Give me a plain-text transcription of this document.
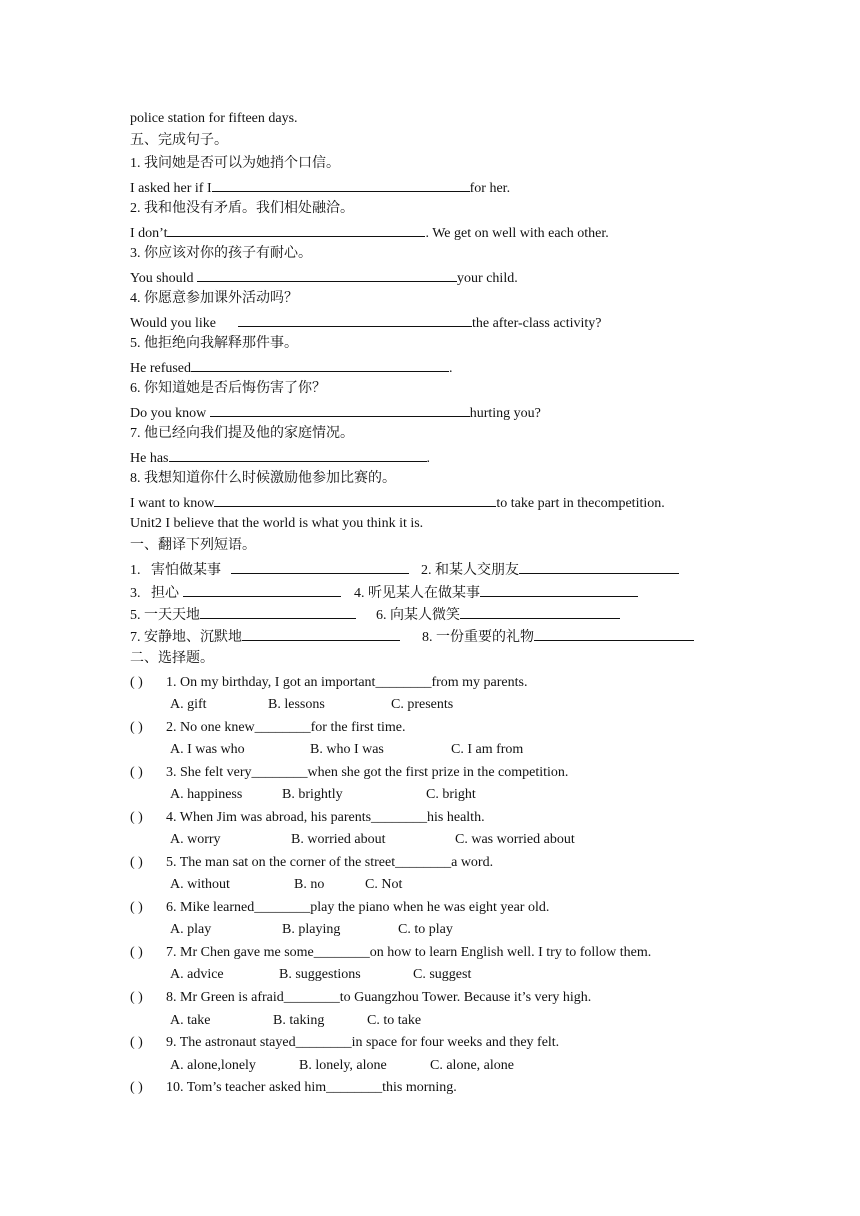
police station for fifteen days.
五、完成句子。
1. 我问她是否可以为她捎个口信。
I asked her if I	for her.
2. 我和他没有矛盾。我们相处融洽。
I don’t	. We get on well with each other.
3. 你应该对你的孩子有耐心。
You should	your child.
4. 你愿意参加课外活动吗？
Would you like	the after-class activity?
5. 他拒绝向我解释那件事。
He refused	.
6. 你知道她是否后悔伤害了你？
Do you know	hurting you?
7. 他已经向我们提及他的家庭情况。
He has	.
8. 我想知道你什么时候激励他参加比赛的。
I want to know	to take part in thecompetition.
Unit2 I believe that the world is what you think it is.
一、翻译下列短语。
1.   害怕做某事	2. 和某人交朋友
3.   担心	4. 听见某人在做某事
5. 一天天地	6. 向某人微笑
7. 安静地、沉默地	8. 一份重要的礼物
二、选择题。
( ) 1. On my birthday, I got an important________from my parents.
A. gift	B. lessons	C. presents
( ) 2. No one knew________for the first time.
A. I was who	B. who I was	C. I am from
( ) 3. She felt very________when she got the first prize in the competition.
A. happiness	B. brightly	C. bright
( ) 4. When Jim was abroad, his parents________his health.
A. worry	B. worried about	C. was worried about
( ) 5. The man sat on the corner of the street________a word.
A. without	B. no	C. Not
( ) 6. Mike learned________play the piano when he was eight year old.
A. play	B. playing	C. to play
( ) 7. Mr Chen gave me some________on how to learn English well. I try to follow them.
A. advice	B. suggestions	C. suggest
( ) 8. Mr Green is afraid________to Guangzhou Tower. Because it’s very high.
A. take	B. taking	C. to take
( ) 9. The astronaut stayed________in space for four weeks and they felt.
A. alone,lonely	B. lonely, alone	C. alone, alone
( ) 10. Tom’s teacher asked him________this morning.
